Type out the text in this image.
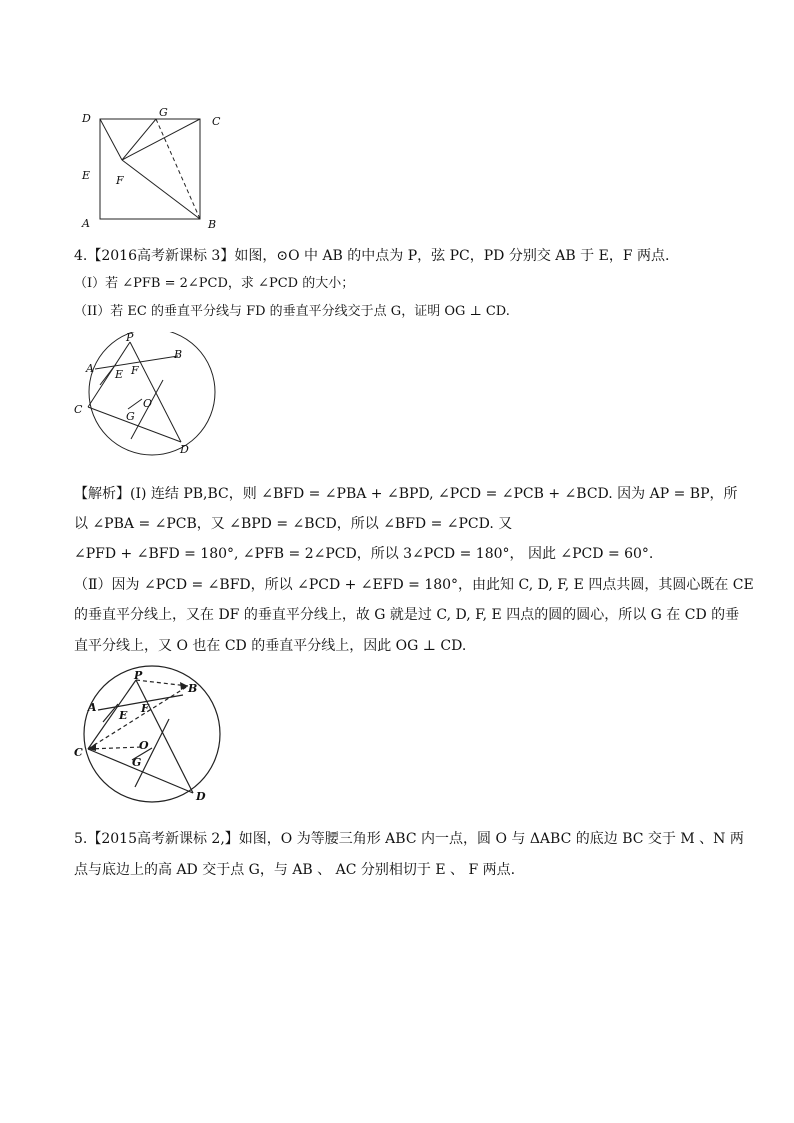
D	G
C
E F
A	B
4.【2016高考新课标 3】如图，⊙O 中 AB 的中点为 P，弦 PC，PD 分别交 AB 于 E，F 两点.
（I）若 ∠PFB = 2∠PCD，求 ∠PCD 的大小；
（II）若 EC 的垂直平分线与 FD 的垂直平分线交于点 G，证明 OG ⊥ CD.
P
B
A E F
C	O
G
D
【解析】(Ⅰ) 连结 PB,BC，则 ∠BFD = ∠PBA + ∠BPD, ∠PCD = ∠PCB + ∠BCD. 因为 AP = BP，所
以 ∠PBA = ∠PCB，又 ∠BPD = ∠BCD，所以 ∠BFD = ∠PCD. 又
∠PFD + ∠BFD = 180°, ∠PFB = 2∠PCD，所以 3∠PCD = 180°， 因此 ∠PCD = 60°.
（Ⅱ）因为 ∠PCD = ∠BFD，所以 ∠PCD + ∠EFD = 180°，由此知 C, D, F, E 四点共圆，其圆心既在 CE
的垂直平分线上，又在 DF 的垂直平分线上，故 G 就是过 C, D, F, E 四点的圆的圆心，所以 G 在 CD 的垂
直平分线上，又 O 也在 CD 的垂直平分线上，因此 OG ⊥ CD.
P
B
A
E
F
C
O
G
D
5.【2015高考新课标 2,】如图，O 为等腰三角形 ABC 内一点，圆 O 与 ΔABC 的底边 BC 交于 M 、N 两
点与底边上的高 AD 交于点 G，与 AB 、 AC 分别相切于 E 、 F 两点.
